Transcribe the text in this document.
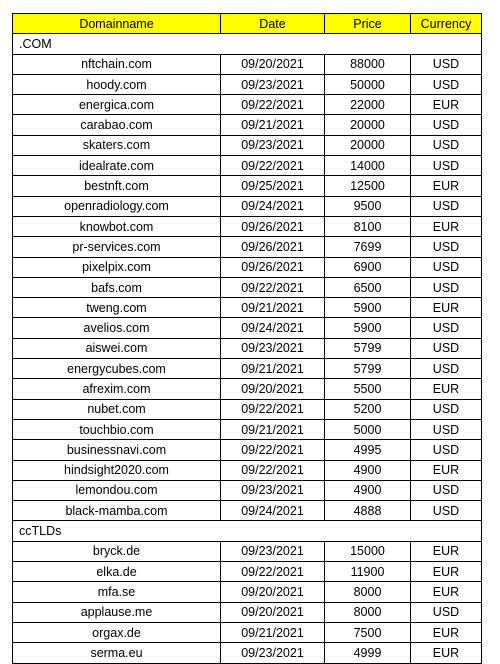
Domainname	Date	Price	Currency
.COM			
nftchain.com	09/20/2021	88000	USD
hoody.com	09/23/2021	50000	USD
energica.com	09/22/2021	22000	EUR
carabao.com	09/21/2021	20000	USD
skaters.com	09/23/2021	20000	USD
idealrate.com	09/22/2021	14000	USD
bestnft.com	09/25/2021	12500	EUR
openradiology.com	09/24/2021	9500	USD
knowbot.com	09/26/2021	8100	EUR
pr-services.com	09/26/2021	7699	USD
pixelpix.com	09/26/2021	6900	USD
bafs.com	09/22/2021	6500	USD
tweng.com	09/21/2021	5900	EUR
avelios.com	09/24/2021	5900	USD
aiswei.com	09/23/2021	5799	USD
energycubes.com	09/21/2021	5799	USD
afrexim.com	09/20/2021	5500	EUR
nubet.com	09/22/2021	5200	USD
touchbio.com	09/21/2021	5000	USD
businessnavi.com	09/22/2021	4995	USD
hindsight2020.com	09/22/2021	4900	EUR
lemondou.com	09/23/2021	4900	USD
black-mamba.com	09/24/2021	4888	USD
ccTLDs			
bryck.de	09/23/2021	15000	EUR
elka.de	09/22/2021	11900	EUR
mfa.se	09/20/2021	8000	EUR
applause.me	09/20/2021	8000	USD
orgax.de	09/21/2021	7500	EUR
serma.eu	09/23/2021	4999	EUR
